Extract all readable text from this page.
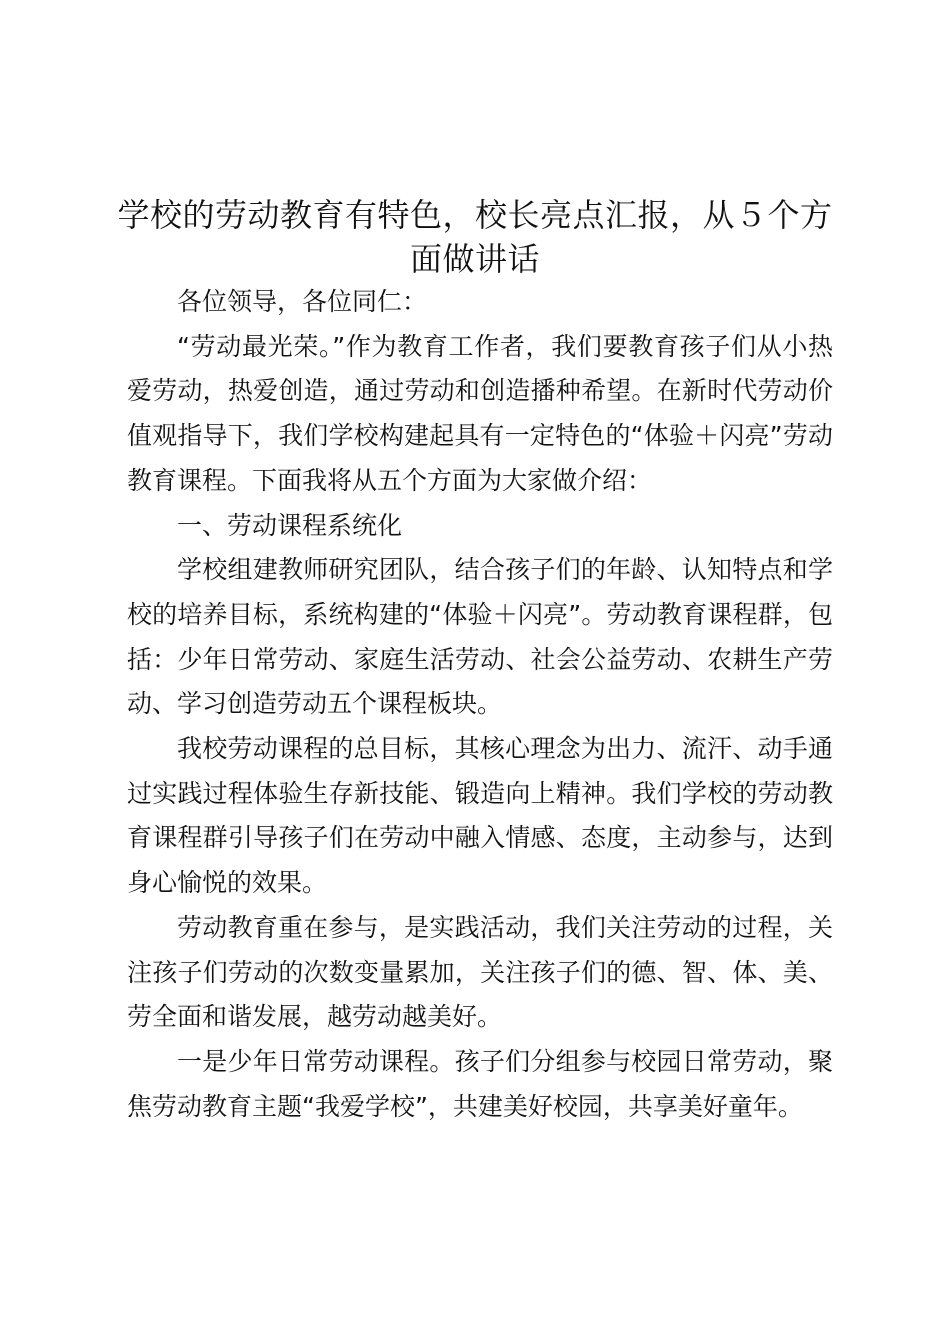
学校的劳动教育有特色，校长亮点汇报，从５个方面做讲话

各位领导，各位同仁：

“劳动最光荣。”作为教育工作者，我们要教育孩子们从小热爱劳动，热爱创造，通过劳动和创造播种希望。在新时代劳动价值观指导下，我们学校构建起具有一定特色的“体验＋闪亮”劳动教育课程。下面我将从五个方面为大家做介绍：

一、劳动课程系统化

学校组建教师研究团队，结合孩子们的年龄、认知特点和学校的培养目标，系统构建的“体验＋闪亮”。劳动教育课程群，包括：少年日常劳动、家庭生活劳动、社会公益劳动、农耕生产劳动、学习创造劳动五个课程板块。

我校劳动课程的总目标，其核心理念为出力、流汗、动手通过实践过程体验生存新技能、锻造向上精神。我们学校的劳动教育课程群引导孩子们在劳动中融入情感、态度，主动参与，达到身心愉悦的效果。

劳动教育重在参与，是实践活动，我们关注劳动的过程，关注孩子们劳动的次数变量累加，关注孩子们的德、智、体、美、劳全面和谐发展，越劳动越美好。

一是少年日常劳动课程。孩子们分组参与校园日常劳动，聚焦劳动教育主题“我爱学校”，共建美好校园，共享美好童年。
